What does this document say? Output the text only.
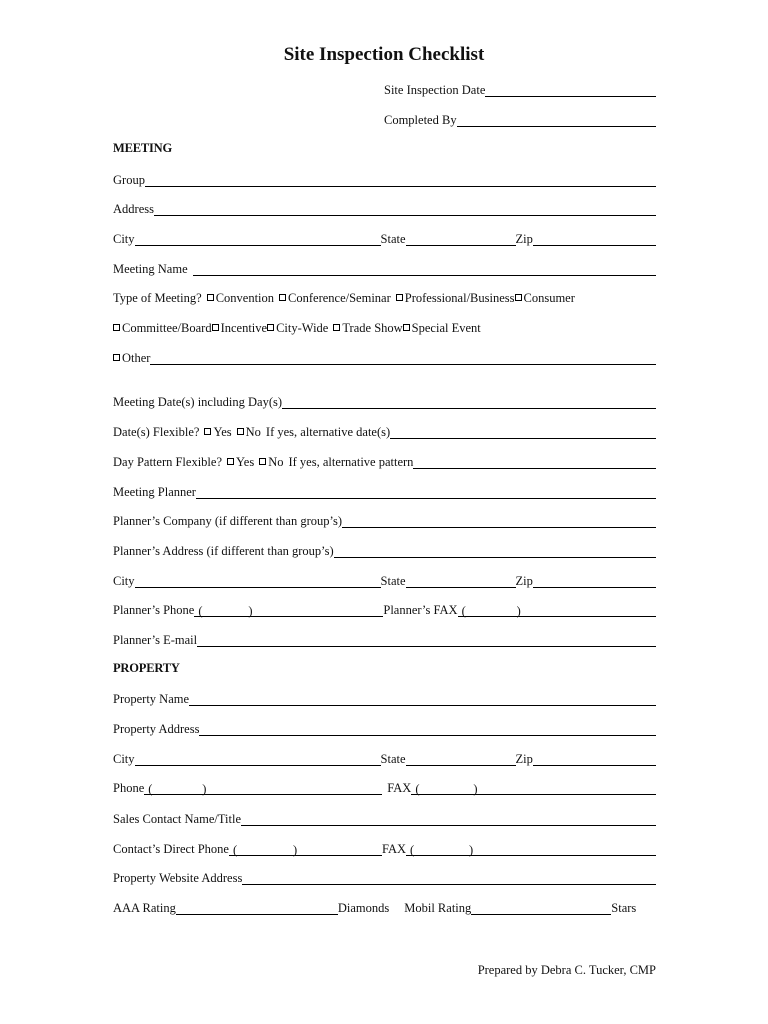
Site Inspection Checklist
Site Inspection Date
Completed By
MEETING
Group
Address
City	State	Zip
Meeting Name
Type of Meeting? Convention Conference/Seminar Professional/Business Consumer
Committee/Board Incentive City-Wide Trade Show Special Event
Other
Meeting Date(s) including Day(s)
Date(s) Flexible? Yes No If yes, alternative date(s)
Day Pattern Flexible? Yes No If yes, alternative pattern
Meeting Planner
Planner’s Company (if different than group’s)
Planner’s Address (if different than group’s)
City	State	Zip
Planner’s Phone (	)	Planner’s FAX (	)
Planner’s E-mail
PROPERTY
Property Name
Property Address
City	State	Zip
Phone (	)	FAX (	)
Sales Contact Name/Title
Contact’s Direct Phone (	)	FAX (	)
Property Website Address
AAA Rating	Diamonds Mobil Rating	Stars
Prepared by Debra C. Tucker, CMP
